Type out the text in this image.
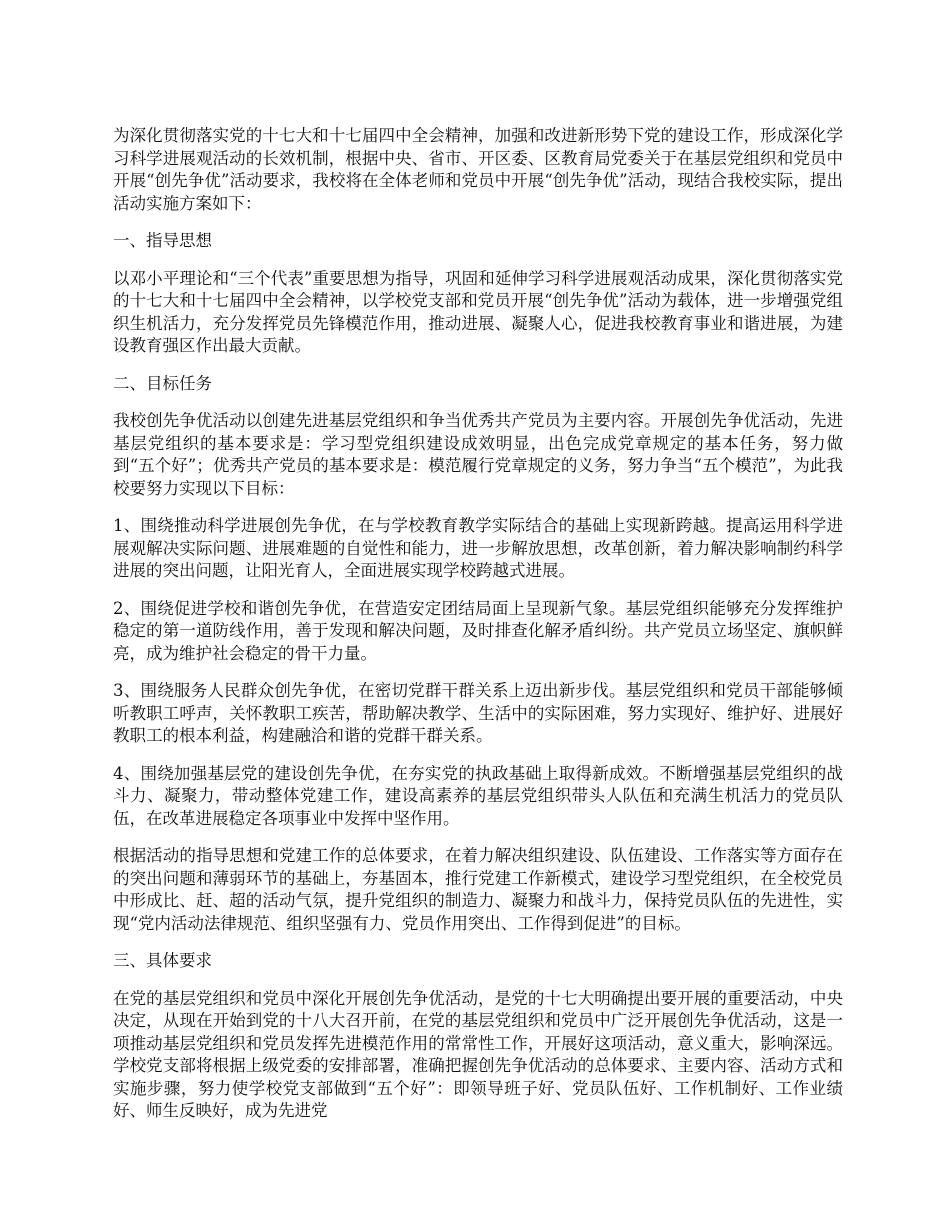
为深化贯彻落实党的十七大和十七届四中全会精神，加强和改进新形势下党的建设工作，形成深化学习科学进展观活动的长效机制，根据中央、省市、开区委、区教育局党委关于在基层党组织和党员中开展“创先争优”活动要求，我校将在全体老师和党员中开展“创先争优”活动，现结合我校实际，提出活动实施方案如下：

一、指导思想

以邓小平理论和“三个代表”重要思想为指导，巩固和延伸学习科学进展观活动成果，深化贯彻落实党的十七大和十七届四中全会精神，以学校党支部和党员开展“创先争优”活动为载体，进一步增强党组织生机活力，充分发挥党员先锋模范作用，推动进展、凝聚人心，促进我校教育事业和谐进展，为建设教育强区作出最大贡献。

二、目标任务

我校创先争优活动以创建先进基层党组织和争当优秀共产党员为主要内容。开展创先争优活动，先进基层党组织的基本要求是：学习型党组织建设成效明显，出色完成党章规定的基本任务，努力做到“五个好”；优秀共产党员的基本要求是：模范履行党章规定的义务，努力争当“五个模范”，为此我校要努力实现以下目标：

1、围绕推动科学进展创先争优，在与学校教育教学实际结合的基础上实现新跨越。提高运用科学进展观解决实际问题、进展难题的自觉性和能力，进一步解放思想，改革创新，着力解决影响制约科学进展的突出问题，让阳光育人，全面进展实现学校跨越式进展。

2、围绕促进学校和谐创先争优，在营造安定团结局面上呈现新气象。基层党组织能够充分发挥维护稳定的第一道防线作用，善于发现和解决问题，及时排查化解矛盾纠纷。共产党员立场坚定、旗帜鲜亮，成为维护社会稳定的骨干力量。

3、围绕服务人民群众创先争优，在密切党群干群关系上迈出新步伐。基层党组织和党员干部能够倾听教职工呼声，关怀教职工疾苦，帮助解决教学、生活中的实际困难，努力实现好、维护好、进展好教职工的根本利益，构建融洽和谐的党群干群关系。

4、围绕加强基层党的建设创先争优，在夯实党的执政基础上取得新成效。不断增强基层党组织的战斗力、凝聚力，带动整体党建工作，建设高素养的基层党组织带头人队伍和充满生机活力的党员队伍，在改革进展稳定各项事业中发挥中坚作用。

根据活动的指导思想和党建工作的总体要求，在着力解决组织建设、队伍建设、工作落实等方面存在的突出问题和薄弱环节的基础上，夯基固本，推行党建工作新模式，建设学习型党组织，在全校党员中形成比、赶、超的活动气氛，提升党组织的制造力、凝聚力和战斗力，保持党员队伍的先进性，实现“党内活动法律规范、组织坚强有力、党员作用突出、工作得到促进”的目标。

三、具体要求

在党的基层党组织和党员中深化开展创先争优活动，是党的十七大明确提出要开展的重要活动，中央决定，从现在开始到党的十八大召开前，在党的基层党组织和党员中广泛开展创先争优活动，这是一项推动基层党组织和党员发挥先进模范作用的常常性工作，开展好这项活动，意义重大，影响深远。学校党支部将根据上级党委的安排部署，准确把握创先争优活动的总体要求、主要内容、活动方式和实施步骤，努力使学校党支部做到“五个好”：即领导班子好、党员队伍好、工作机制好、工作业绩好、师生反映好，成为先进党
